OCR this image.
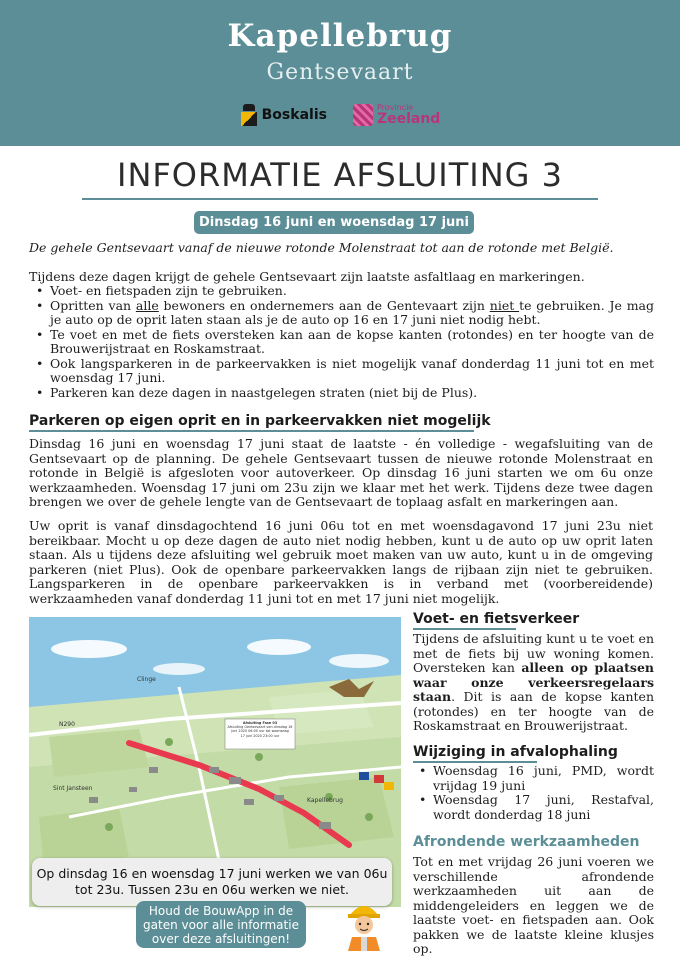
Kapellebrug
Gentsevaart
Boskalis	Provincie
Zeeland
INFORMATIE AFSLUITING 3
Dinsdag 16 juni en woensdag 17 juni
De gehele Gentsevaart vanaf de nieuwe rotonde Molenstraat tot aan de rotonde met België.
Tijdens deze dagen krijgt de gehele Gentsevaart zijn laatste asfaltlaag en markeringen.
• Voet- en fietspaden zijn te gebruiken.
• Opritten van alle bewoners en ondernemers aan de Gentevaart zijn niet te gebruiken. Je mag je auto op de oprit laten staan als je de auto op 16 en 17 juni niet nodig hebt.
• Te voet en met de fiets oversteken kan aan de kopse kanten (rotondes) en ter hoogte van de Brouwerijstraat en Roskamstraat.
• Ook langsparkeren in de parkeervakken is niet mogelijk vanaf donderdag 11 juni tot en met woensdag 17 juni.
• Parkeren kan deze dagen in naastgelegen straten (niet bij de Plus).
Parkeren op eigen oprit en in parkeervakken niet mogelijk
Dinsdag 16 juni en woensdag 17 juni staat de laatste - én volledige - wegafsluiting van de Gentsevaart op de planning. De gehele Gentsevaart tussen de nieuwe rotonde Molenstraat en rotonde in België is afgesloten voor autoverkeer. Op dinsdag 16 juni starten we om 6u onze werkzaamheden. Woensdag 17 juni om 23u zijn we klaar met het werk. Tijdens deze twee dagen brengen we over de gehele lengte van de Gentsevaart de toplaag asfalt en markeringen aan.
Uw oprit is vanaf dinsdagochtend 16 juni 06u tot en met woensdagavond 17 juni 23u niet bereikbaar. Mocht u op deze dagen de auto niet nodig hebben, kunt u de auto op uw oprit laten staan. Als u tijdens deze afsluiting wel gebruik moet maken van uw auto, kunt u in de omgeving parkeren (niet Plus). Ook de openbare parkeervakken langs de rijbaan zijn niet te gebruiken. Langsparkeren in de openbare parkeervakken is in verband met (voorbereidende) werkzaamheden vanaf donderdag 11 juni tot en met 17 juni niet mogelijk.
Clinge
N290
Sint Jansteen
Kapellebrug
Afsluiting Fase 03
Afsluiting Gentsevaart van dinsdag 16
juni 2020 06:00 uur tot woensdag
17 juni 2020 23:00 uur
Op dinsdag 16 en woensdag 17 juni werken we van 06u tot 23u. Tussen 23u en 06u werken we niet.
Houd de BouwApp in de gaten voor alle informatie over deze afsluitingen!
Voet- en fietsverkeer
Tijdens de afsluiting kunt u te voet en met de fiets bij uw woning komen. Oversteken kan alleen op plaatsen waar onze verkeersregelaars staan. Dit is aan de kopse kanten (rotondes) en ter hoogte van de Roskamstraat en Brouwerijstraat.
Wijziging in afvalophaling
• Woensdag 16 juni, PMD, wordt vrijdag 19 juni
• Woensdag 17 juni, Restafval, wordt donderdag 18 juni
Afrondende werkzaamheden
Tot en met vrijdag 26 juni voeren we verschillende afrondende werkzaamheden uit aan de middengeleiders en leggen we de laatste voet- en fietspaden aan. Ook pakken we de laatste kleine klusjes op.
